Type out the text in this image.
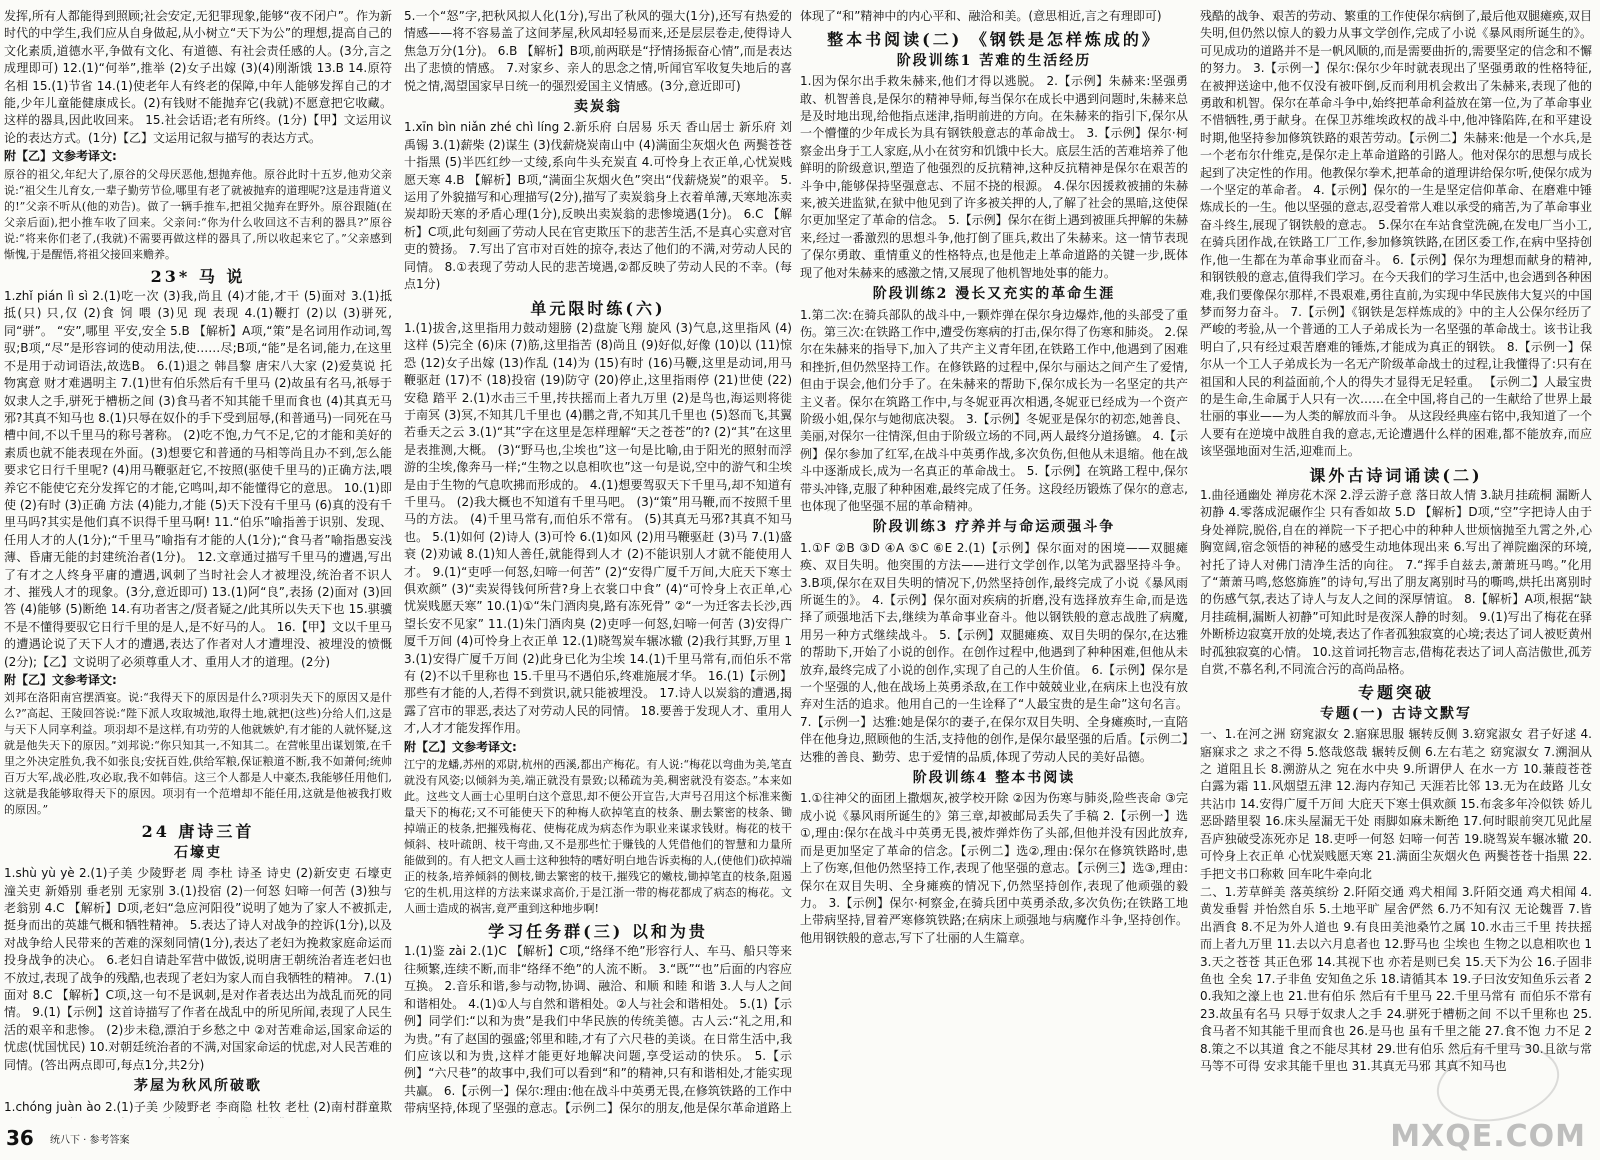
发挥,所有人都能得到照顾;社会安定,无犯罪现象,能够“夜不闭户”。作为新时代的中学生,我们应从自身做起,从小树立“天下为公”的理想,提高自己的文化素质,道德水平,争做有文化、有道德、有社会责任感的人。(3分,言之成理即可) 12.(1)“何举”,推举 (2)女子出嫁 (3)(4)刚渐饿 13.B 14.原符名相 15.(1)节省 14.(1)使老年人有终老的保障,中年人能够发挥自己的才能,少年儿童能健康成长。(2)有钱财不能抛弃它(我就)不愿意把它收藏。这样的器具,因此收回来。 15.社会话语;老有所终。(1分)【甲】文运用议论的表达方式。(1分)【乙】文运用记叙与描写的表达方式。

附【乙】文参考译文:

原谷的祖父,年纪大了,原谷的父母厌恶他,想抛弃他。原谷此时十五岁,他劝父亲说:“祖父生儿育女,一辈子勤劳节俭,哪里有老了就被抛弃的道理呢?这是违背道义的!”父亲不听从(他的劝告)。做了一辆手推车,把祖父抛弃在野外。原谷跟随(在父亲后面),把小推车收了回来。父亲问:“你为什么收回这不吉利的器具?”原谷说:“将来你们老了,(我就)不需要再做这样的器具了,所以收起来它了。”父亲感到惭愧,于是醒悟,将祖父接回来赡养。

23* 马 说

1.zhǐ pián lì sì 2.(1)吃一次 (3)我,尚且 (4)才能,才干 (5)面对 3.(1)抵 抵(只) 只,仅 (2)食 饲 喂 (3)见 现 表现 4.(1)鞭打 (2)以 (3)骈死,同“骈”。 “安”,哪里 平安,安全 5.B 【解析】A项,“策”是名词用作动词,驾驭;B项,“尽”是形容词的使动用法,使……尽;B项,“能”是名词,能力,在这里不是用于动词语法,故选B。 6.(1)退之 韩昌黎 唐宋八大家 (2)爱莫说 托物寓意 财才难遇明主 7.(1)世有伯乐然后有千里马 (2)故虽有名马,祇辱于奴隶人之手,骈死于槽枥之间 (3)食马者不知其能千里而食也 (4)其真无马邪?其真不知马也 8.(1)只辱在奴仆的手下受到屈辱,(和普通马)一同死在马槽中间,不以千里马的称号著称。 (2)吃不饱,力气不足,它的才能和美好的素质也就不能表现在外面。(3)想要它和普通的马相等尚且办不到,怎么能要求它日行千里呢? (4)用马鞭驱赶它,不按照(驱使千里马的)正确方法,喂养它不能使它充分发挥它的才能,它鸣叫,却不能懂得它的意思。 10.(1)即使 (2)有时 (3)正确 方法 (4)能力,才能 (5)天下没有千里马 (6)真的没有千里马吗?其实是他们真不识得千里马啊! 11.“伯乐”喻指善于识别、发现、任用人才的人(1分);“千里马”喻指有才能的人(1分);“食马者”喻指愚妄浅薄、昏庸无能的封建统治者(1分)。 12.文章通过描写千里马的遭遇,写出了有才之人终身平庸的遭遇,讽刺了当时社会人才被埋没,统治者不识人才、摧残人才的现象。(3分,意近即可) 13.(1)阿“良”,表扬 (2)面对 (3)回答 (4)能够 (5)断绝 14.有功者害之/贤者疑之/此其所以失天下也 15.骐骥不是不懂得要驭它日行千里的是人,是不好马的人。 16.【甲】文以千里马的遭遇论说了天下人才的遭遇,表达了作者对人才遭埋没、被埋没的愤慨(2分);【乙】文说明了必须尊重人才、重用人才的道理。(2分)

附【乙】文参考译文:

刘邦在洛阳南宫摆酒宴。说:“我得天下的原因是什么?项羽失天下的原因又是什么?”高起、王陵回答说:“陛下派人攻取城池,取得土地,就把(这些)分给人们,这是与天下人同享利益。项羽却不是这样,有功劳的人他就嫉妒,有才能的人就怀疑,这就是他失天下的原因。”刘邦说:“你只知其一,不知其二。在营帐里出谋划策,在千里之外决定胜负,我不如张良;安抚百姓,供给军粮,保证粮道不断,我不如萧何;统帅百万大军,战必胜,攻必取,我不如韩信。这三个人都是人中豪杰,我能够任用他们,这就是我能够取得天下的原因。项羽有一个范增却不能任用,这就是他被我打败的原因。”

24 唐诗三首
石壕吏

1.shù yù yè 2.(1)子美 少陵野老 周 李杜 诗圣 诗史 (2)新安吏 石壕吏 潼关吏 新婚别 垂老别 无家别 3.(1)投宿 (2)一何怒 妇啼一何苦 (3)独与老翁别 4.C 【解析】D项,老妇“急应河阳役”说明了她为了家人不被抓走,挺身而出的英雄气概和牺牲精神。 5.表达了诗人对战争的控诉(1分),以及对战争给人民带来的苦难的深刻同情(1分),表达了老妇为挽救家庭命运而投身战争的决心。 6.老妇自请赴军营中做饭,说明唐王朝统治者连老妇也不放过,表现了战争的残酷,也表现了老妇为家人而自我牺牲的精神。 7.(1)面对 8.C 【解析】C项,这一句不是讽刺,是对作者表达出为战乱而死的同情。 9.(1)【示例】这首诗描写了作者在战乱中的所见所闻,表现了人民生活的艰辛和悲惨。 (2)步未稳,漂泊于乡愁之中 ②对苦难命运,国家命运的忧虑(忧国忧民) 10.对朝廷统治者的不满,对国家命运的忧虑,对人民苦难的同情。(答出两点即可,每点1分,共2分)

茅屋为秋风所破歌

1.chóng juàn ào 2.(1)子美 少陵野老 李商隐 杜牧 老杜 (2)南村群童欺

5.一个“怒”字,把秋风拟人化(1分),写出了秋风的强大(1分),还写有热爱的情感——将不容易盖了这间茅屋,秋风却轻易而来,还是层层卷走,使得诗人焦急万分(1分)。 6.B 【解析】B项,前两联是“抒情扬振奋心情”,而是表达出了悲愤的情感。 7.对家乡、亲人的思念之情,听闻官军收复失地后的喜悦之情,渴望国家早日统一的强烈爱国主义情感。(3分,意近即可)

卖炭翁

1.xīn bìn niǎn zhé chì líng 2.新乐府 白居易 乐天 香山居士 新乐府 刘禹锡 3.(1)薪柴 (2)谋生 (3)伐薪烧炭南山中 (4)满面尘灰烟火色 两鬓苍苍十指黑 (5)半匹红纱一丈绫,系向牛头充炭直 4.可怜身上衣正单,心忧炭贱愿天寒 4.B 【解析】B项,“满面尘灰烟火色”突出“伐薪烧炭”的艰辛。 5.运用了外貌描写和心理描写(2分),描写了卖炭翁身上衣着单薄,天寒地冻卖炭却盼天寒的矛盾心理(1分),反映出卖炭翁的悲惨境遇(1分)。 6.C 【解析】C项,此句刻画了劳动人民在官吏欺压下的悲苦生活,不是真心实意对官吏的赞扬。 7.写出了宫市对百姓的掠夺,表达了他们的不满,对劳动人民的同情。 8.①表现了劳动人民的悲苦境遇,②都反映了劳动人民的不幸。(每点1分)

单元限时练(六)

1.(1)拔舍,这里指用力鼓动翅膀 (2)盘旋飞翔 旋风 (3)气息,这里指风 (4)这样 (5)完全 (6)床 (7)筋,这里指苦 (8)尚且 (9)好似,好像 (10)以 (11)惊恐 (12)女子出嫁 (13)作乱 (14)为 (15)有时 (16)马鞭,这里是动词,用马鞭驱赶 (17)不 (18)投宿 (19)防守 (20)停止,这里指雨停 (21)世使 (22)安稳 踏平 2.(1)水击三千里,抟扶摇而上者九万里 (2)是鸟也,海运则将徙于南冥 (3)冥,不知其几千里也 (4)鹏之背,不知其几千里也 (5)怒而飞,其翼若垂天之云 3.(1)“其”字在这里是怎样理解“天之苍苍”的? (2)“其”在这里是表推测,大概。 (3)“野马也,尘埃也”这一句是比喻,由于阳光的照射而浮游的尘埃,像奔马一样;“生物之以息相吹也”这一句是说,空中的游气和尘埃是由于生物的气息吹拂而形成的。 4.(1)想要驾驭天下千里马,却不知道有千里马。 (2)我大概也不知道有千里马吧。 (3)“策”用马鞭,而不按照千里马的方法。 (4)千里马常有,而伯乐不常有。 (5)其真无马邪?其真不知马也。 5.(1)如何 (2)诗人 (3)可怜 6.(1)如风 (2)用马鞭驱赶 (3)马 7.(1)盛衰 (2)劝诫 8.(1)知人善任,就能得到人才 (2)不能识别人才就不能使用人才。 9.(1)“吏呼一何怒,妇啼一何苦” (2)“安得广厦千万间,大庇天下寒士俱欢颜” (3)“卖炭得钱何所营?身上衣裳口中食” (4)“可怜身上衣正单,心忧炭贱愿天寒” 10.(1)①“朱门酒肉臭,路有冻死骨” ②“一为迁客去长沙,西望长安不见家” 11.(1)朱门酒肉臭 (2)吏呼一何怒,妇啼一何苦 (3)安得广厦千万间 (4)可怜身上衣正单 12.(1)晓驾炭车辗冰辙 (2)我行其野,万里 13.(1)安得广厦千万间 (2)此身已化为尘埃 14.(1)千里马常有,而伯乐不常有 (2)不以千里称也 15.千里马不遇伯乐,终难施展才华。 16.(1)【示例】那些有才能的人,若得不到赏识,就只能被埋没。 17.诗人以炭翁的遭遇,揭露了宫市的罪恶,表达了对劳动人民的同情。 18.要善于发现人才、重用人才,人才才能发挥作用。

附【乙】文参考译文:

江宁的龙蟠,苏州的邓尉,杭州的西溪,都出产梅花。有人说:“梅花以弯曲为美,笔直就没有风姿;以倾斜为美,端正就没有景致;以稀疏为美,稠密就没有姿态。”本来如此。这些文人画士心里明白这个意思,却不便公开宣告,大声号召用这个标准来衡量天下的梅花;又不可能使天下的种梅人砍掉笔直的枝条、删去繁密的枝条、锄掉端正的枝条,把摧残梅花、使梅花成为病态作为职业来谋求钱财。梅花的枝干倾斜、枝叶疏朗、枝干弯曲,又不是那些忙于赚钱的人凭借他们的智慧和力量所能做到的。有人把文人画士这种独特的嗜好明白地告诉卖梅的人,(使他们)砍掉端正的枝条,培养倾斜的侧枝,锄去繁密的枝干,摧残它的嫩枝,锄掉笔直的枝条,阻遏它的生机,用这样的方法来谋求高价,于是江浙一带的梅花都成了病态的梅花。文人画士造成的祸害,竟严重到这种地步啊!

学习任务群(三) 以和为贵

1.(1)鉴 zài 2.(1)C 【解析】C项,“络绎不绝”形容行人、车马、船只等来往频繁,连续不断,而非“络绎不绝”的人流不断。 3.“既”“也”后面的内容应互换。 2.音乐和谐,参与动物,协调、融洽、和顺 和睦 和谐 3.人与人之间和谐相处。 4.(1)①人与自然和谐相处。②人与社会和谐相处。 5.(1)【示例】同学们:“以和为贵”是我们中华民族的传统美德。古人云:“礼之用,和为贵。”有了赵国的强盛;邻里和睦,才有了六尺巷的美谈。在日常生活中,我们应该以和为贵,这样才能更好地解决问题,享受运动的快乐。 5.【示例】“六尺巷”的故事中,我们可以看到“和”的精神,只有和谐相处,才能实现共赢。 6.【示例一】保尔:理由:他在战斗中英勇无畏,在修筑铁路的工作中带病坚持,体现了坚强的意志。【示例二】保尔的朋友,他是保尔革命道路上

体现了“和”精神中的内心平和、融洽和美。(意思相近,言之有理即可)

整本书阅读(二) 《钢铁是怎样炼成的》
阶段训练1 苦难的生活经历

1.因为保尔出手救朱赫来,他们才得以逃脱。 2.【示例】朱赫来:坚强勇敢、机智善良,是保尔的精神导师,每当保尔在成长中遇到问题时,朱赫来总是及时地出现,给他指点迷津,指明前进的方向。在朱赫来的指引下,保尔从一个懵懂的少年成长为具有钢铁般意志的革命战士。 3.【示例】保尔·柯察金出身于工人家庭,从小在贫穷和饥饿中长大。底层生活的苦难培养了他鲜明的阶级意识,塑造了他强烈的反抗精神,这种反抗精神是保尔在艰苦的斗争中,能够保持坚强意志、不屈不挠的根源。 4.保尔因援救被捕的朱赫来,被关进监狱,在狱中他见到了许多被关押的人,了解了社会的黑暗,这使保尔更加坚定了革命的信念。 5.【示例】保尔在街上遇到被匪兵押解的朱赫来,经过一番激烈的思想斗争,他打倒了匪兵,救出了朱赫来。这一情节表现了保尔勇敢、重情重义的性格特点,也是他走上革命道路的关键一步,既体现了他对朱赫来的感激之情,又展现了他机智地处事的能力。

阶段训练2 漫长又充实的革命生涯

1.第二次:在骑兵部队的战斗中,一颗炸弹在保尔身边爆炸,他的头部受了重伤。第三次:在铁路工作中,遭受伤寒病的打击,保尔得了伤寒和肺炎。 2.保尔在朱赫来的指导下,加入了共产主义青年团,在铁路工作中,他遇到了困难和挫折,但仍然坚持工作。在修铁路的过程中,保尔与丽达之间产生了爱情,但由于误会,他们分手了。在朱赫来的帮助下,保尔成长为一名坚定的共产主义者。保尔在筑路工作中,与冬妮亚再次相遇,冬妮亚已经成为一个资产阶级小姐,保尔与她彻底决裂。 3.【示例】冬妮亚是保尔的初恋,她善良、美丽,对保尔一往情深,但由于阶级立场的不同,两人最终分道扬镳。 4.【示例】保尔参加了红军,在战斗中英勇作战,多次负伤,但他从未退缩。他在战斗中逐渐成长,成为一名真正的革命战士。 5.【示例】在筑路工程中,保尔带头冲锋,克服了种种困难,最终完成了任务。这段经历锻炼了保尔的意志,也体现了他坚强不屈的革命精神。

阶段训练3 疗养并与命运顽强斗争

1.①F ②B ③D ④A ⑤C ⑥E 2.(1)【示例】保尔面对的困境——双腿瘫痪、双目失明。他突围的方法——进行文学创作,以笔为武器坚持斗争。 3.B项,保尔在双目失明的情况下,仍然坚持创作,最终完成了小说《暴风雨所诞生的》。 4.【示例】保尔面对疾病的折磨,没有选择放弃生命,而是选择了顽强地活下去,继续为革命事业奋斗。他以钢铁般的意志战胜了病魔,用另一种方式继续战斗。 5.【示例】双腿瘫痪、双目失明的保尔,在达雅的帮助下,开始了小说的创作。在创作过程中,他遇到了种种困难,但他从未放弃,最终完成了小说的创作,实现了自己的人生价值。 6.【示例】保尔是一个坚强的人,他在战场上英勇杀敌,在工作中兢兢业业,在病床上也没有放弃对生活的追求。他用自己的一生诠释了“人最宝贵的是生命”这句名言。 7.【示例一】达雅:她是保尔的妻子,在保尔双目失明、全身瘫痪时,一直陪伴在他身边,照顾他的生活,支持他的创作,是保尔最坚强的后盾。【示例二】达雅的善良、勤劳、忠于爱情的品质,体现了劳动人民的美好品德。

阶段训练4 整本书阅读

1.①往神父的面团上撒烟灰,被学校开除 ②因为伤寒与肺炎,险些丧命 ③完成小说《暴风雨所诞生的》第三章,却被邮局丢失了手稿 2.【示例一】选①,理由:保尔在战斗中英勇无畏,被炸弹炸伤了头部,但他并没有因此放弃,而是更加坚定了革命的信念。【示例二】选②,理由:保尔在修筑铁路时,患上了伤寒,但他仍然坚持工作,表现了他坚强的意志。【示例三】选③,理由:保尔在双目失明、全身瘫痪的情况下,仍然坚持创作,表现了他顽强的毅力。 3.【示例】保尔·柯察金,在骑兵团中英勇杀敌,多次负伤;在铁路工地上带病坚持,冒着严寒修筑铁路;在病床上顽强地与病魔作斗争,坚持创作。他用钢铁般的意志,写下了壮丽的人生篇章。

残酷的战争、艰苦的劳动、繁重的工作使保尔病倒了,最后他双腿瘫痪,双目失明,但仍然以惊人的毅力从事文学创作,完成了小说《暴风雨所诞生的》。可见成功的道路并不是一帆风顺的,而是需要曲折的,需要坚定的信念和不懈的努力。 3.【示例一】保尔:保尔少年时就表现出了坚强勇敢的性格特征,在被押送途中,他不仅没有被吓倒,反而利用机会救出了朱赫来,表现了他的勇敢和机智。保尔在革命斗争中,始终把革命利益放在第一位,为了革命事业不惜牺牲,勇于献身。在保卫苏维埃政权的战斗中,他冲锋陷阵,在和平建设时期,他坚持参加修筑铁路的艰苦劳动。【示例二】朱赫来:他是一个水兵,是一个老布尔什维克,是保尔走上革命道路的引路人。他对保尔的思想与成长起到了决定性的作用。他教保尔拳术,把革命的道理讲给保尔听,使保尔成为一个坚定的革命者。 4.【示例】保尔的一生是坚定信仰革命、在磨难中锤炼成长的一生。他以坚强的意志,忍受着常人难以承受的痛苦,为了革命事业奋斗终生,展现了钢铁般的意志。 5.保尔在车站食堂洗碗,在发电厂当小工,在骑兵团作战,在铁路工厂工作,参加修筑铁路,在团区委工作,在病中坚持创作,他一生都在为革命事业而奋斗。 6.【示例】保尔为理想而献身的精神,和钢铁般的意志,值得我们学习。在今天我们的学习生活中,也会遇到各种困难,我们要像保尔那样,不畏艰难,勇往直前,为实现中华民族伟大复兴的中国梦而努力奋斗。 7.【示例】《钢铁是怎样炼成的》中的主人公保尔经历了严峻的考验,从一个普通的工人子弟成长为一名坚强的革命战士。该书让我明白了,只有经过艰苦磨难的锤炼,才能成为真正的钢铁。 8.【示例一】保尔从一个工人子弟成长为一名无产阶级革命战士的过程,让我懂得了:只有在祖国和人民的利益面前,个人的得失才显得无足轻重。 【示例二】人最宝贵的是生命,生命属于人只有一次……在全中国,将自己的一生献给了世界上最壮丽的事业——为人类的解放而斗争。 从这段经典座右铭中,我知道了一个人要有在逆境中战胜自我的意志,无论遭遇什么样的困难,都不能放弃,而应该坚强地面对生活,迎难而上。

课外古诗词诵读(二)

1.曲径通幽处 禅房花木深 2.浮云游子意 落日故人情 3.缺月挂疏桐 漏断人初静 4.零落成泥碾作尘 只有香如故 5.D 【解析】D项,“空”字把诗人由于身处禅院,脱俗,自在的禅院一下子把心中的种种人世烦恼抛至九霄之外,心胸宽阔,宿念领悟的神秘的感受生动地体现出来 6.写出了禅院幽深的环境,衬托了诗人对佛门清净生活的向往。 7.“挥手自兹去,萧萧班马鸣。”化用了“萧萧马鸣,悠悠旆旌”的诗句,写出了朋友离别时马的嘶鸣,烘托出离别时的伤感气氛,表达了诗人与友人之间的深厚情谊。 8.【解析】A项,根据“缺月挂疏桐,漏断人初静”可知此时是夜深人静的时刻。 9.(1)写出了梅花在驿外断桥边寂寞开放的处境,表达了作者孤独寂寞的心境;表达了词人被贬黄州时孤独寂寞的心情。 10.这首词托物言志,借梅花表达了词人高洁傲世,孤芳自赏,不慕名利,不同流合污的高尚品格。

专题突破
专题(一) 古诗文默写

一、1.在河之洲 窈窕淑女 2.寤寐思服 辗转反侧 3.窈窕淑女 君子好逑 4.寤寐求之 求之不得 5.悠哉悠哉 辗转反侧 6.左右芼之 窈窕淑女 7.溯洄从之 道阻且长 8.溯游从之 宛在水中央 9.所谓伊人 在水一方 10.蒹葭苍苍 白露为霜 11.风烟望五津 12.海内存知己 天涯若比邻 13.无为在歧路 儿女共沾巾 14.安得广厦千万间 大庇天下寒士俱欢颜 15.布衾多年冷似铁 娇儿恶卧踏里裂 16.床头屋漏无干处 雨脚如麻未断绝 17.何时眼前突兀见此屋 吾庐独破受冻死亦足 18.吏呼一何怒 妇啼一何苦 19.晓驾炭车辗冰辙 20.可怜身上衣正单 心忧炭贱愿天寒 21.满面尘灰烟火色 两鬓苍苍十指黑 22.手把文书口称敕 回车叱牛牵向北

二、1.芳草鲜美 落英缤纷 2.阡陌交通 鸡犬相闻 3.阡陌交通 鸡犬相闻 4.黄发垂髫 并怡然自乐 5.土地平旷 屋舍俨然 6.乃不知有汉 无论魏晋 7.皆出酒食 8.不足为外人道也 9.有良田美池桑竹之属 10.水击三千里 抟扶摇而上者九万里 11.去以六月息者也 12.野马也 尘埃也 生物之以息相吹也 13.天之苍苍 其正色邪 14.其视下也 亦若是则已矣 15.天下为公 16.子固非鱼也 全矣 17.子非鱼 安知鱼之乐 18.请循其本 19.子曰汝安知鱼乐云者 20.我知之濠上也 21.世有伯乐 然后有千里马 22.千里马常有 而伯乐不常有 23.故虽有名马 只辱于奴隶人之手 24.骈死于槽枥之间 不以千里称也 25.食马者不知其能千里而食也 26.是马也 虽有千里之能 27.食不饱 力不足 28.策之不以其道 食之不能尽其材 29.世有伯乐 然后有千里马 30.且欲与常马等不可得 安求其能千里也 31.其真无马邪 其真不知马也

36 统八下 · 参考答案	MXQE.COM
